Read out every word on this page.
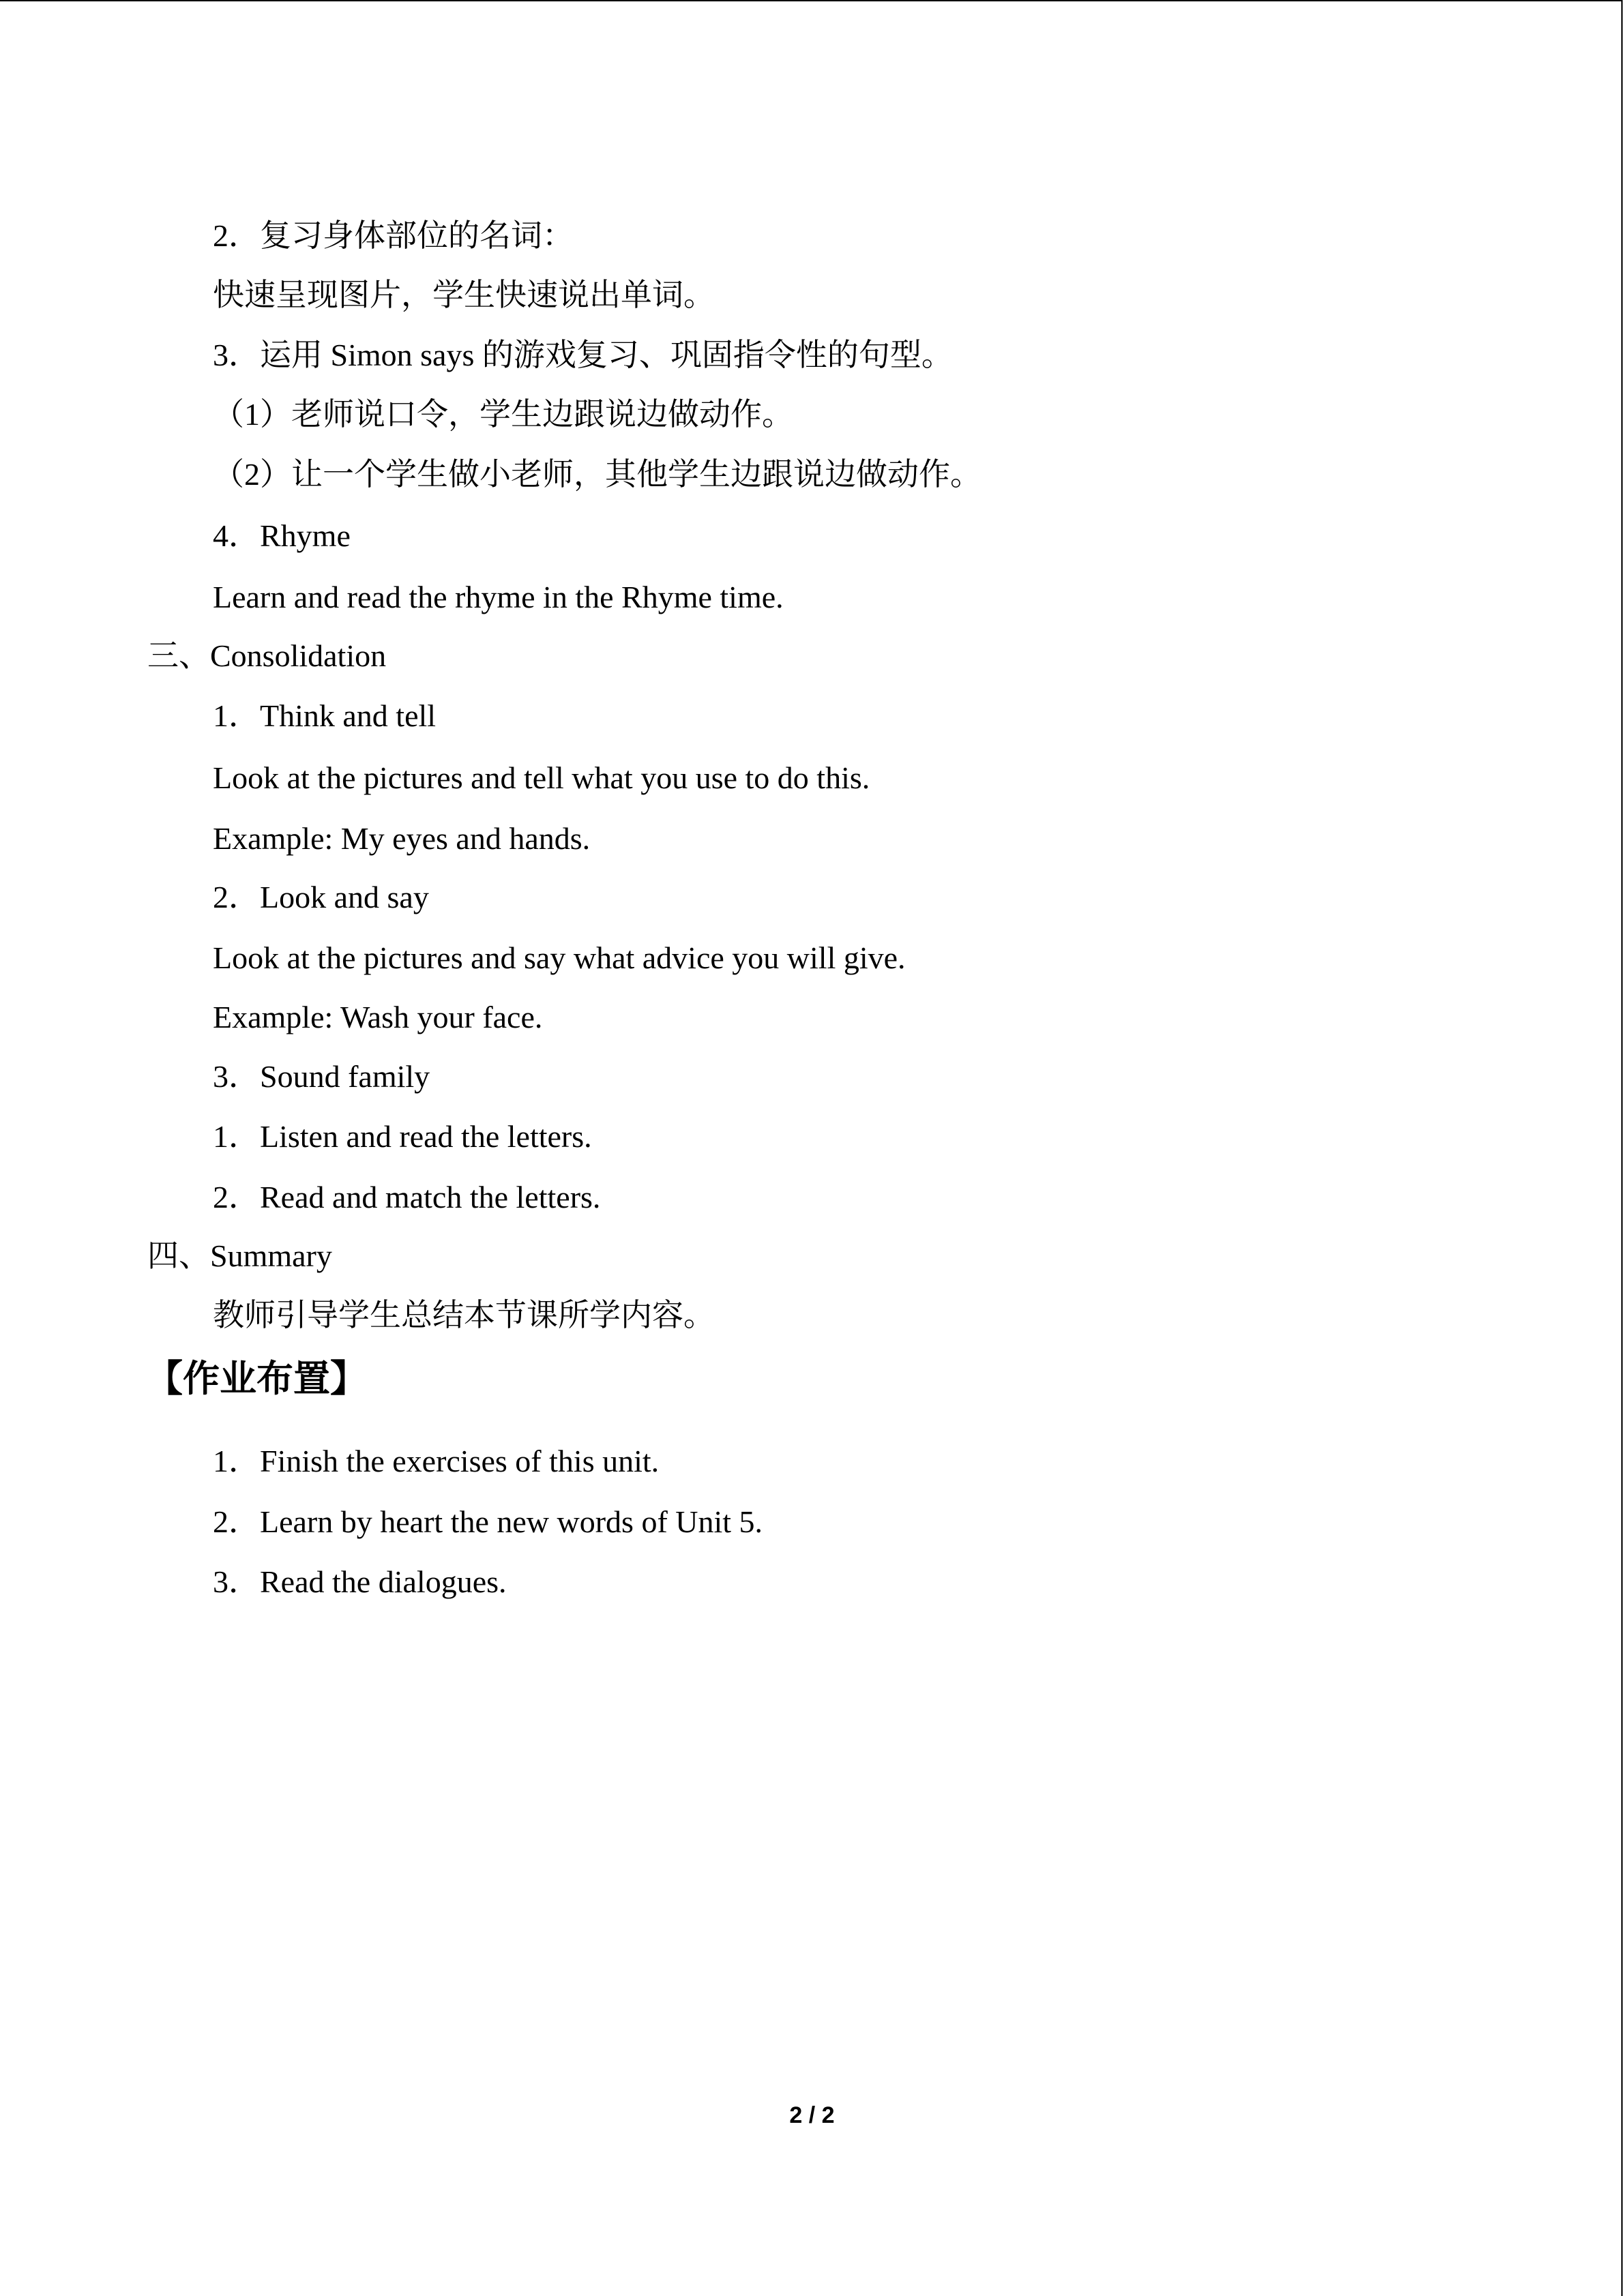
2．复习身体部位的名词：
快速呈现图片，学生快速说出单词。
3．运用 Simon says 的游戏复习、巩固指令性的句型。
（1）老师说口令，学生边跟说边做动作。
（2）让一个学生做小老师，其他学生边跟说边做动作。
4．Rhyme
Learn and read the rhyme in the Rhyme time.
三、Consolidation
1．Think and tell
Look at the pictures and tell what you use to do this.
Example: My eyes and hands.
2．Look and say
Look at the pictures and say what advice you will give.
Example: Wash your face.
3．Sound family
1．Listen and read the letters.
2．Read and match the letters.
四、Summary
教师引导学生总结本节课所学内容。
【作业布置】
1．Finish the exercises of this unit.
2．Learn by heart the new words of Unit 5.
3．Read the dialogues.
2 / 2
